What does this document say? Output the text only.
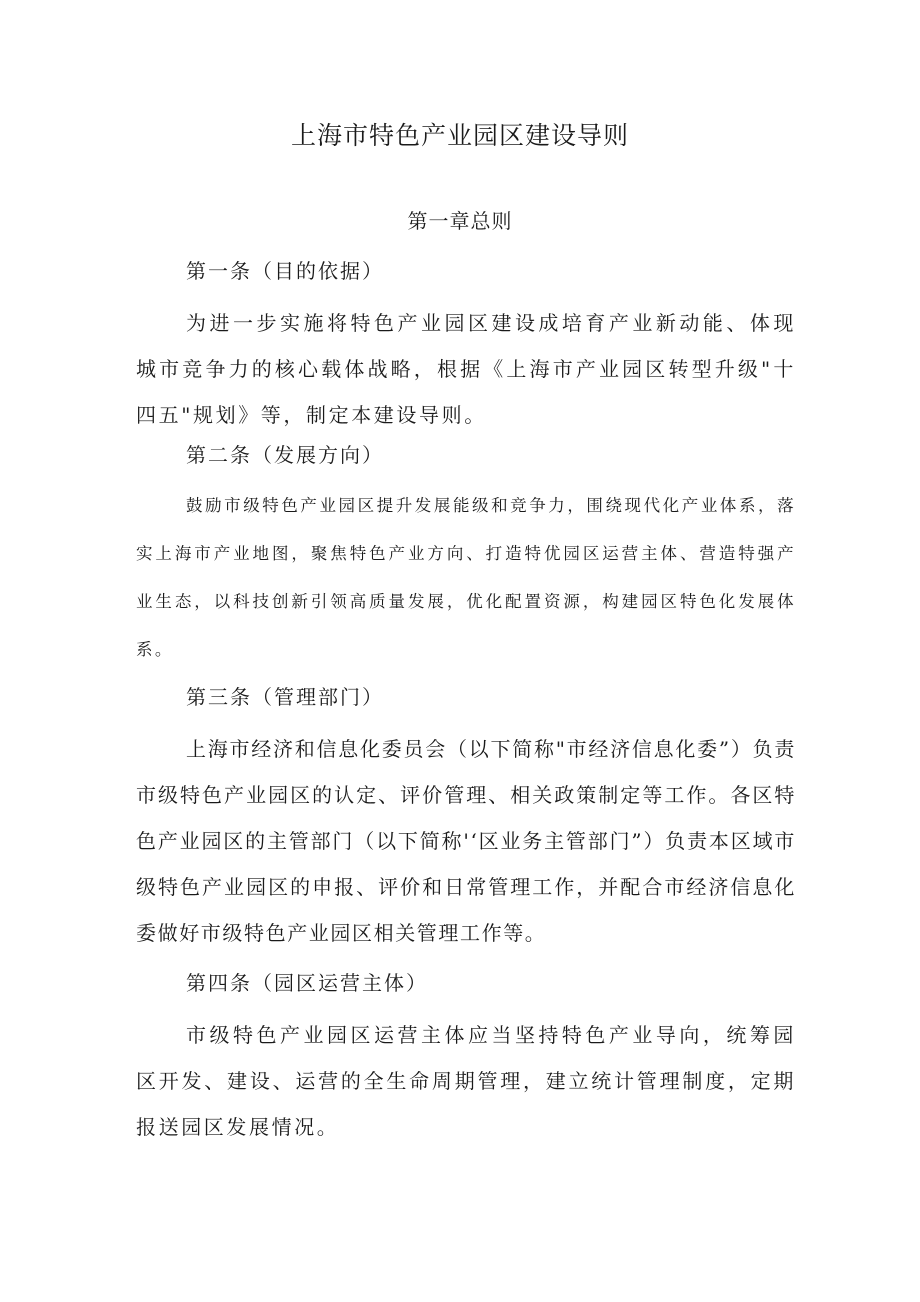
上海市特色产业园区建设导则
第一章总则
第一条（目的依据）

为进一步实施将特色产业园区建设成培育产业新动能、体现城市竞争力的核心载体战略，根据《上海市产业园区转型升级"十四五"规划》等，制定本建设导则。

第二条（发展方向）

鼓励市级特色产业园区提升发展能级和竞争力，围绕现代化产业体系，落实上海市产业地图，聚焦特色产业方向、打造特优园区运营主体、营造特强产业生态，以科技创新引领高质量发展，优化配置资源，构建园区特色化发展体系。

第三条（管理部门）

上海市经济和信息化委员会（以下简称"市经济信息化委”）负责市级特色产业园区的认定、评价管理、相关政策制定等工作。各区特色产业园区的主管部门（以下简称'‘区业务主管部门”）负责本区域市级特色产业园区的申报、评价和日常管理工作，并配合市经济信息化委做好市级特色产业园区相关管理工作等。

第四条（园区运营主体）

市级特色产业园区运营主体应当坚持特色产业导向，统筹园区开发、建设、运营的全生命周期管理，建立统计管理制度，定期报送园区发展情况。
